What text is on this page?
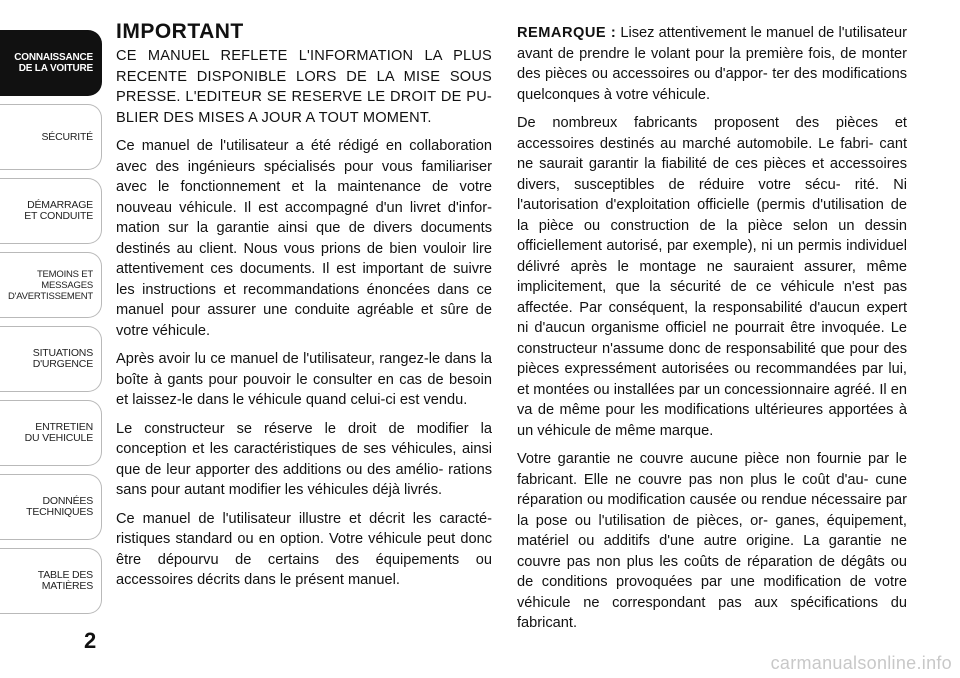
CONNAISSANCE
DE LA VOITURE
SÉCURITÉ
DÉMARRAGE
ET CONDUITE
TEMOINS ET
MESSAGES
D'AVERTISSEMENT
SITUATIONS
D'URGENCE
ENTRETIEN
DU VEHICULE
DONNÉES
TECHNIQUES
TABLE DES
MATIÈRES
2
IMPORTANT

CE MANUEL REFLETE L'INFORMATION LA PLUS RECENTE DISPONIBLE LORS DE LA MISE SOUS PRESSE. L'EDITEUR SE RESERVE LE DROIT DE PU- BLIER DES MISES A JOUR A TOUT MOMENT.

Ce manuel de l'utilisateur a été rédigé en collaboration avec des ingénieurs spécialisés pour vous familiariser avec le fonctionnement et la maintenance de votre nouveau véhicule. Il est accompagné d'un livret d'infor- mation sur la garantie ainsi que de divers documents destinés au client. Nous vous prions de bien vouloir lire attentivement ces documents. Il est important de suivre les instructions et recommandations énoncées dans ce manuel pour assurer une conduite agréable et sûre de votre véhicule.

Après avoir lu ce manuel de l'utilisateur, rangez-le dans la boîte à gants pour pouvoir le consulter en cas de besoin et laissez-le dans le véhicule quand celui-ci est vendu.

Le constructeur se réserve le droit de modifier la conception et les caractéristiques de ses véhicules, ainsi que de leur apporter des additions ou des amélio- rations sans pour autant modifier les véhicules déjà livrés.

Ce manuel de l'utilisateur illustre et décrit les caracté- ristiques standard ou en option. Votre véhicule peut donc être dépourvu de certains des équipements ou accessoires décrits dans le présent manuel.

REMARQUE : Lisez attentivement le manuel de l'utilisateur avant de prendre le volant pour la première fois, de monter des pièces ou accessoires ou d'appor- ter des modifications quelconques à votre véhicule.

De nombreux fabricants proposent des pièces et accessoires destinés au marché automobile. Le fabri- cant ne saurait garantir la fiabilité de ces pièces et accessoires divers, susceptibles de réduire votre sécu- rité. Ni l'autorisation d'exploitation officielle (permis d'utilisation de la pièce ou construction de la pièce selon un dessin officiellement autorisé, par exemple), ni un permis individuel délivré après le montage ne sauraient assurer, même implicitement, que la sécurité de ce véhicule n'est pas affectée. Par conséquent, la responsabilité d'aucun expert ni d'aucun organisme officiel ne pourrait être invoquée. Le constructeur n'assume donc de responsabilité que pour des pièces expressément autorisées ou recommandées par lui, et montées ou installées par un concessionnaire agréé. Il en va de même pour les modifications ultérieures apportées à un véhicule de même marque.

Votre garantie ne couvre aucune pièce non fournie par le fabricant. Elle ne couvre pas non plus le coût d'au- cune réparation ou modification causée ou rendue nécessaire par la pose ou l'utilisation de pièces, or- ganes, équipement, matériel ou additifs d'une autre origine. La garantie ne couvre pas non plus les coûts de réparation de dégâts ou de conditions provoquées par une modification de votre véhicule ne correspondant pas aux spécifications du fabricant.

carmanualsonline.info
